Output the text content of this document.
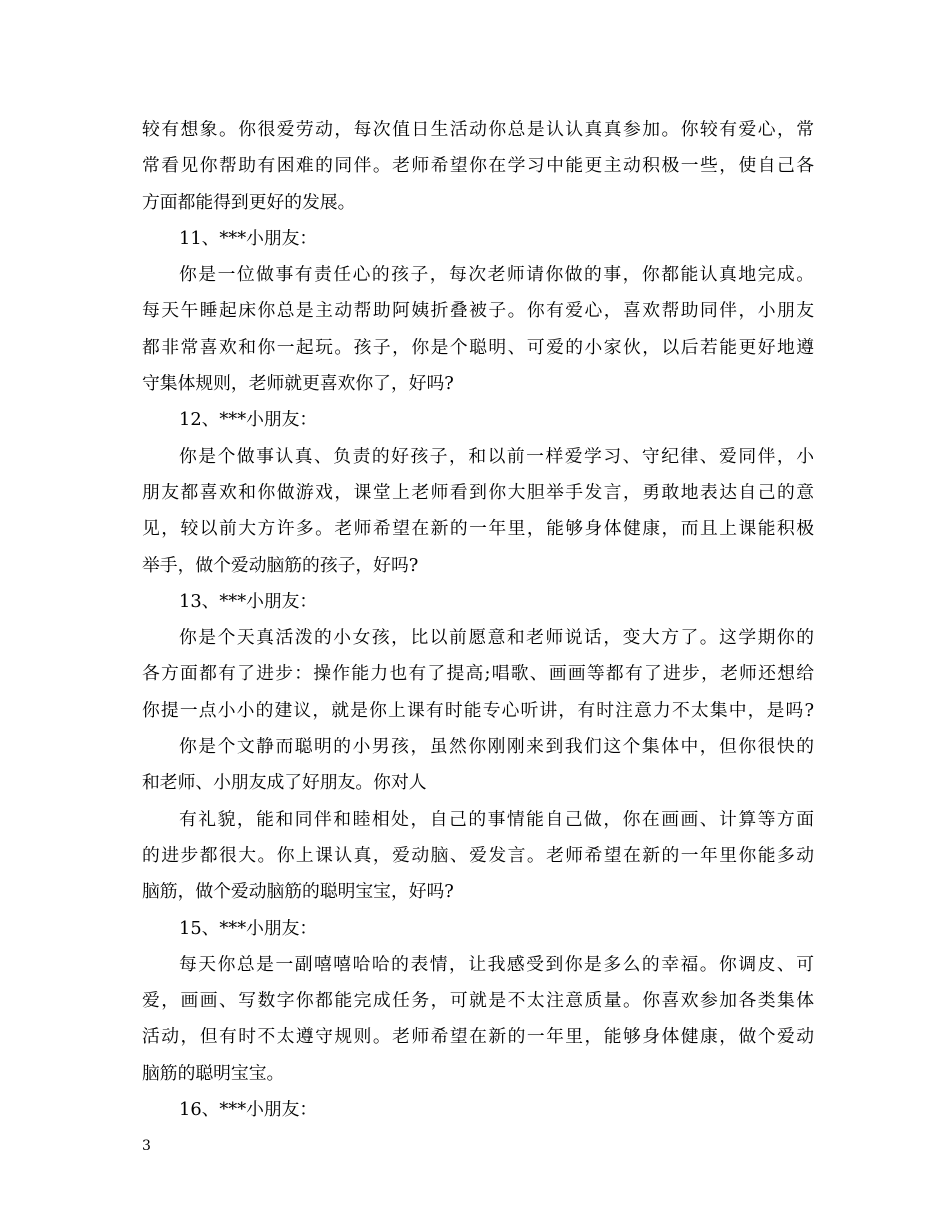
较有想象。你很爱劳动，每次值日生活动你总是认认真真参加。你较有爱心，常
常看见你帮助有困难的同伴。老师希望你在学习中能更主动积极一些，使自己各
方面都能得到更好的发展。
11、***小朋友：
你是一位做事有责任心的孩子，每次老师请你做的事，你都能认真地完成。
每天午睡起床你总是主动帮助阿姨折叠被子。你有爱心，喜欢帮助同伴，小朋友
都非常喜欢和你一起玩。孩子，你是个聪明、可爱的小家伙，以后若能更好地遵
守集体规则，老师就更喜欢你了，好吗?
12、***小朋友：
你是个做事认真、负责的好孩子，和以前一样爱学习、守纪律、爱同伴，小
朋友都喜欢和你做游戏，课堂上老师看到你大胆举手发言，勇敢地表达自己的意
见，较以前大方许多。老师希望在新的一年里，能够身体健康，而且上课能积极
举手，做个爱动脑筋的孩子，好吗?
13、***小朋友：
你是个天真活泼的小女孩，比以前愿意和老师说话，变大方了。这学期你的
各方面都有了进步：操作能力也有了提高;唱歌、画画等都有了进步，老师还想给
你提一点小小的建议，就是你上课有时能专心听讲，有时注意力不太集中，是吗?
你是个文静而聪明的小男孩，虽然你刚刚来到我们这个集体中，但你很快的
和老师、小朋友成了好朋友。你对人
有礼貌，能和同伴和睦相处，自己的事情能自己做，你在画画、计算等方面
的进步都很大。你上课认真，爱动脑、爱发言。老师希望在新的一年里你能多动
脑筋，做个爱动脑筋的聪明宝宝，好吗?
15、***小朋友：
每天你总是一副嘻嘻哈哈的表情，让我感受到你是多么的幸福。你调皮、可
爱，画画、写数字你都能完成任务，可就是不太注意质量。你喜欢参加各类集体
活动，但有时不太遵守规则。老师希望在新的一年里，能够身体健康，做个爱动
脑筋的聪明宝宝。
16、***小朋友：
3
